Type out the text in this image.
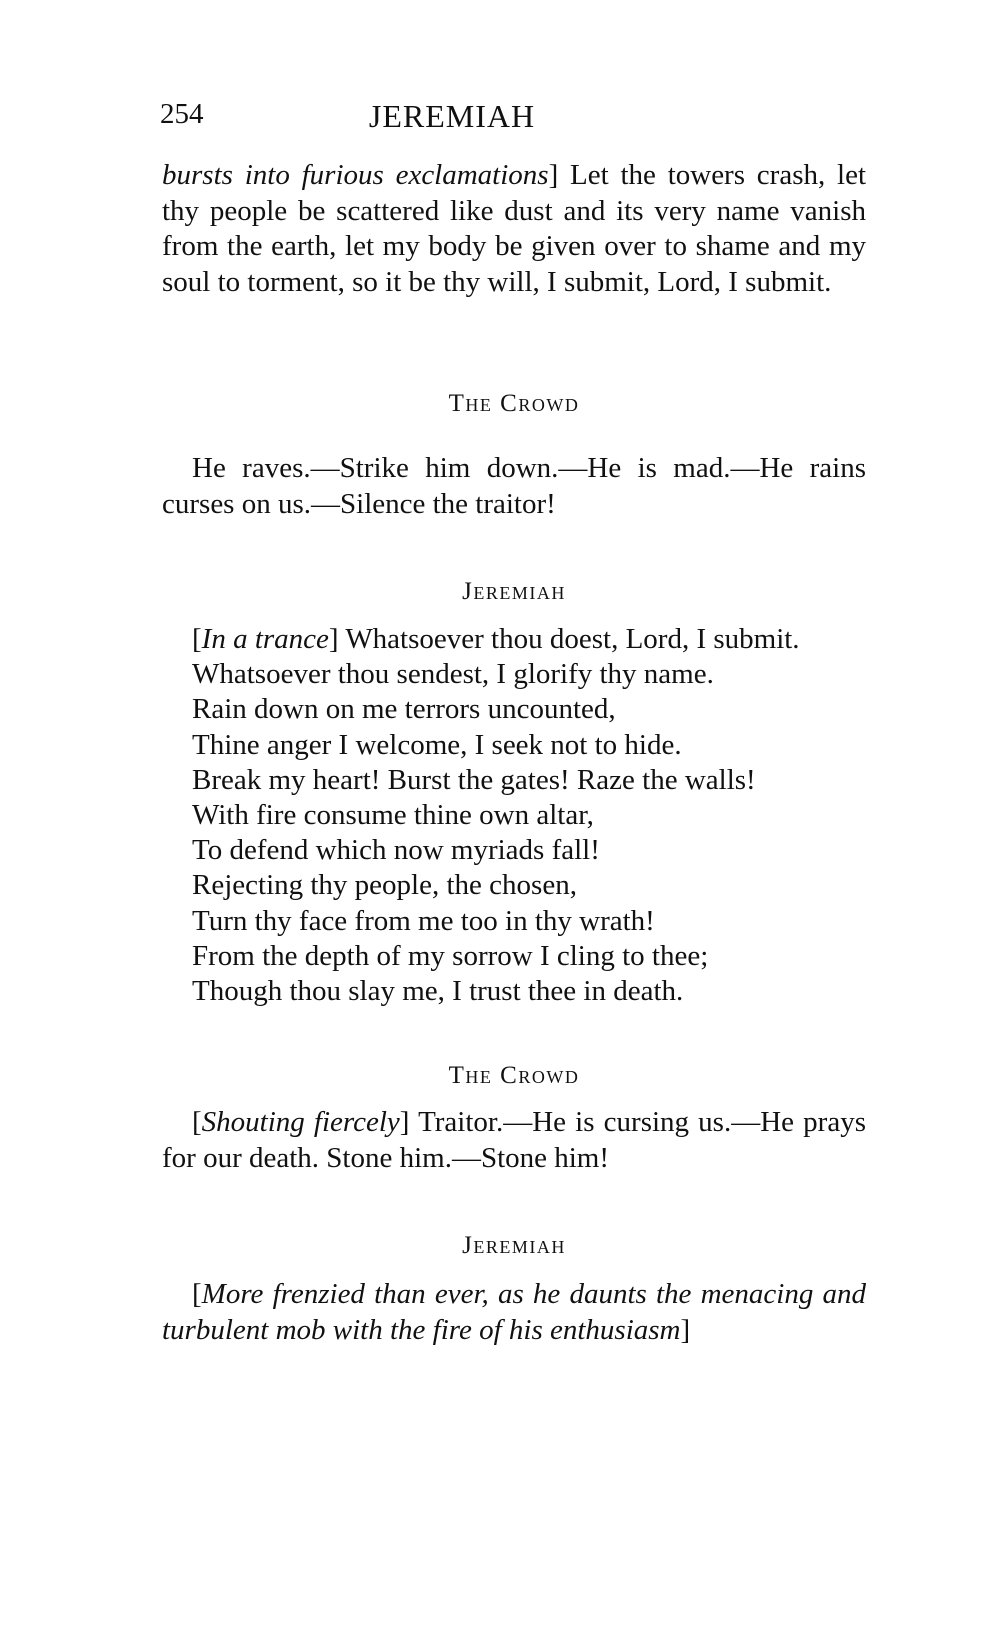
254	JEREMIAH

bursts into furious exclamations] Let the towers crash, let thy people be scattered like dust and its very name vanish from the earth, let my body be given over to shame and my soul to torment, so it be thy will, I submit, Lord, I submit.

The Crowd

He raves.—Strike him down.—He is mad.—He rains curses on us.—Silence the traitor!

Jeremiah
[In a trance] Whatsoever thou doest, Lord, I submit.
Whatsoever thou sendest, I glorify thy name.
Rain down on me terrors uncounted,
Thine anger I welcome, I seek not to hide.
Break my heart! Burst the gates! Raze the walls!
With fire consume thine own altar,
To defend which now myriads fall!
Rejecting thy people, the chosen,
Turn thy face from me too in thy wrath!
From the depth of my sorrow I cling to thee;
Though thou slay me, I trust thee in death.
The Crowd

[Shouting fiercely] Traitor.—He is cursing us.—He prays for our death. Stone him.—Stone him!

Jeremiah

[More frenzied than ever, as he daunts the menacing and turbulent mob with the fire of his enthusiasm]
